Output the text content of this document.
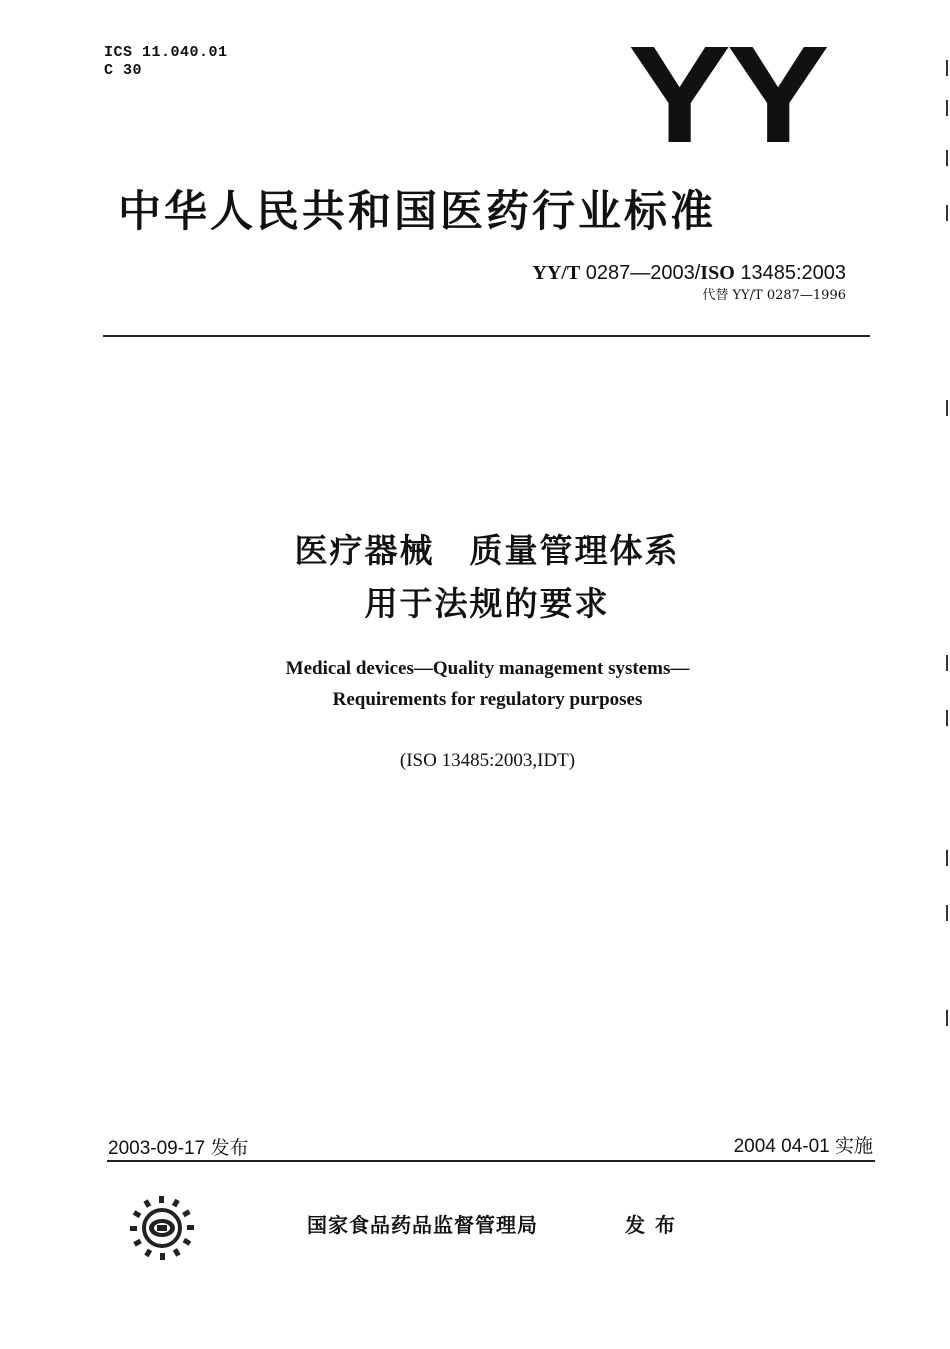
ICS 11.040.01
C 30	YY
中华人民共和国医药行业标准
YY/T 0287—2003/ISO 13485:2003
代替 YY/T 0287—1996
医疗器械　质量管理体系
用于法规的要求
Medical devices—Quality management systems—
Requirements for regulatory purposes
(ISO 13485:2003,IDT)
2003-09-17 发布	2004 04-01 实施
国家食品药品监督管理局	发布
